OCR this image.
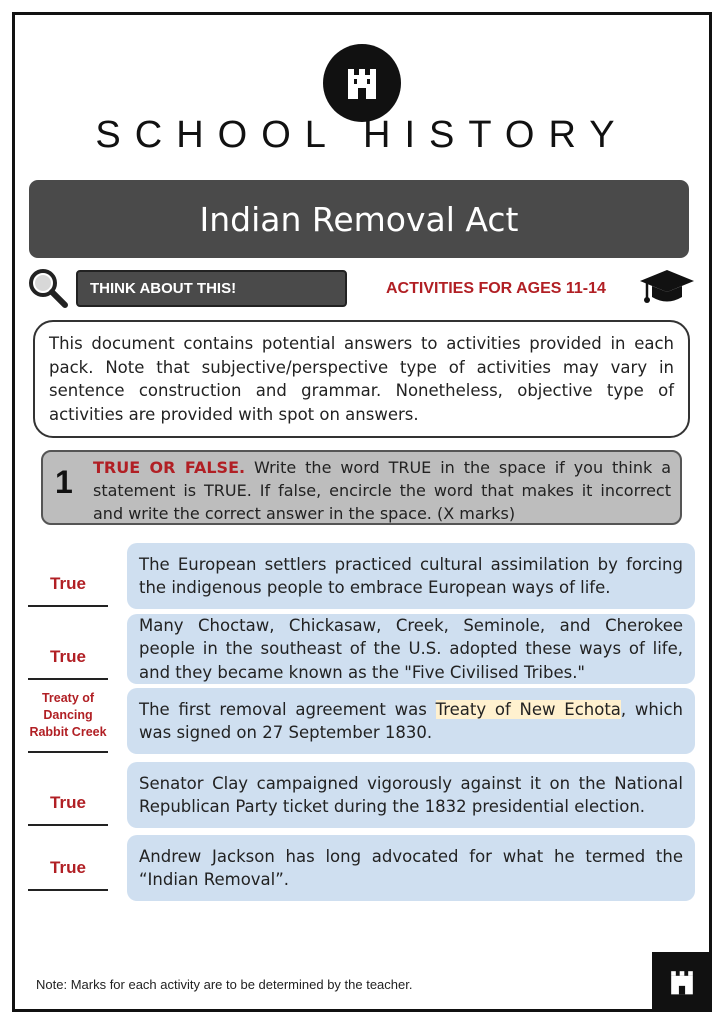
SCHOOL HISTORY
Indian Removal Act
THINK ABOUT THIS!	ACTIVITIES FOR AGES 11-14
This document contains potential answers to activities provided in each pack. Note that subjective/perspective type of activities may vary in sentence construction and grammar. Nonetheless, objective type of activities are provided with spot on answers.
1 TRUE OR FALSE. Write the word TRUE in the space if you think a statement is TRUE. If false, encircle the word that makes it incorrect and write the correct answer in the space. (X marks)
True
The European settlers practiced cultural assimilation by forcing the indigenous people to embrace European ways of life.
True
Many Choctaw, Chickasaw, Creek, Seminole, and Cherokee people in the southeast of the U.S. adopted these ways of life, and they became known as the "Five Civilised Tribes."
Treaty of Dancing Rabbit Creek
The first removal agreement was Treaty of New Echota, which was signed on 27 September 1830.
True
Senator Clay campaigned vigorously against it on the National Republican Party ticket during the 1832 presidential election.
True
Andrew Jackson has long advocated for what he termed the “Indian Removal”.
Note: Marks for each activity are to be determined by the teacher.
